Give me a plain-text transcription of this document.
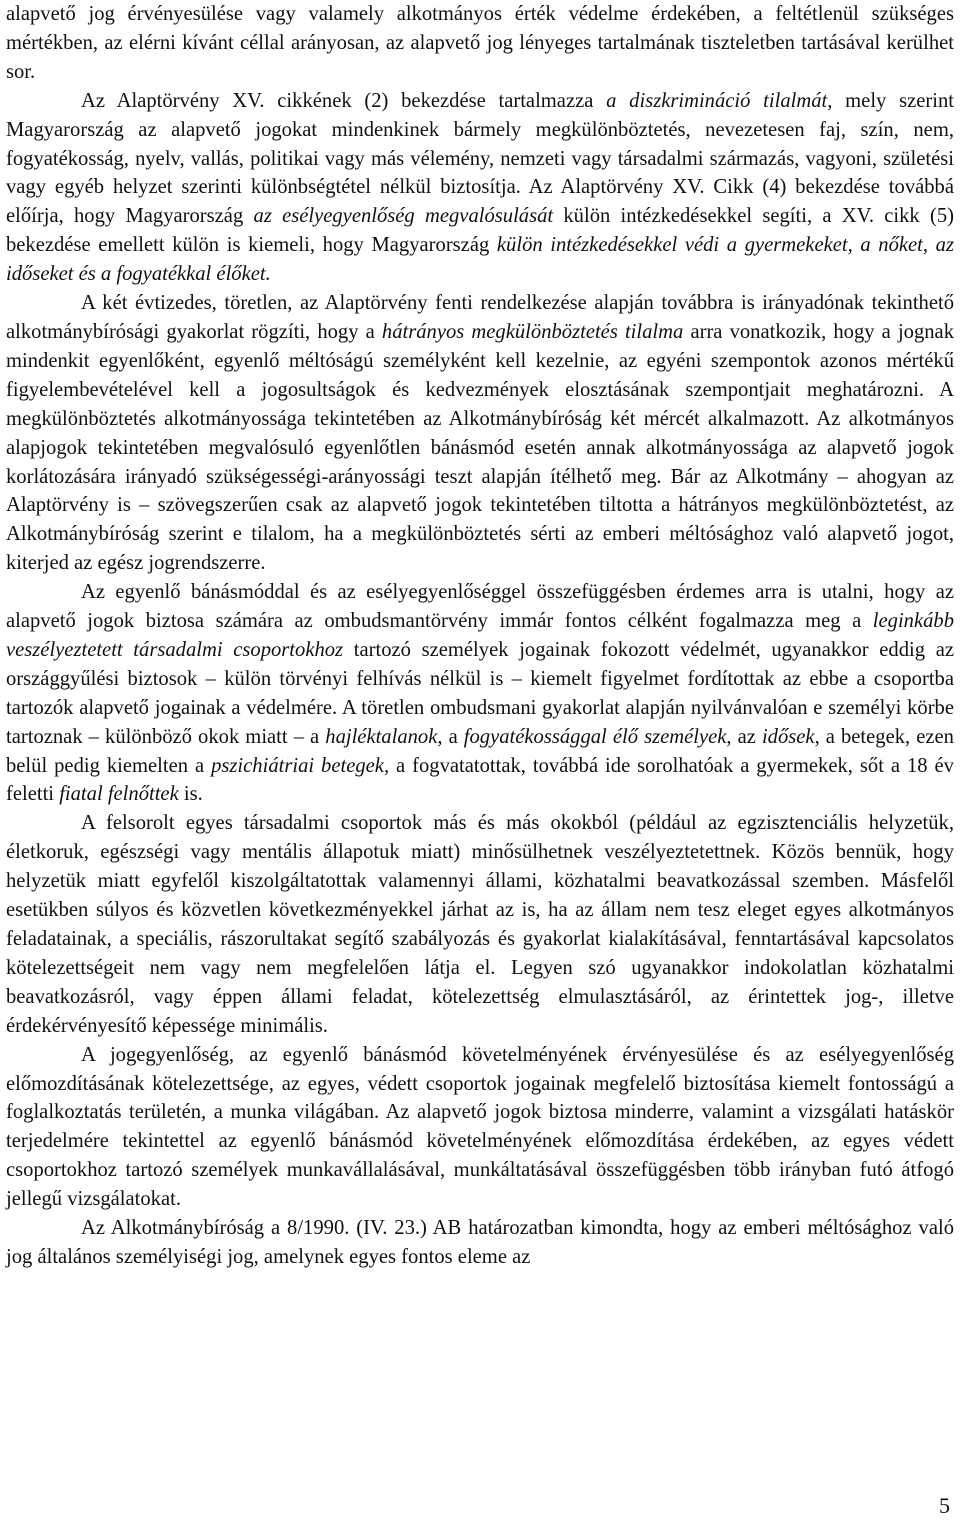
alapvető jog érvényesülése vagy valamely alkotmányos érték védelme érdekében, a feltétlenül szükséges mértékben, az elérni kívánt céllal arányosan, az alapvető jog lényeges tartalmának tiszteletben tartásával kerülhet sor.

Az Alaptörvény XV. cikkének (2) bekezdése tartalmazza a diszkrimináció tilalmát, mely szerint Magyarország az alapvető jogokat mindenkinek bármely megkülönböztetés, nevezetesen faj, szín, nem, fogyatékosság, nyelv, vallás, politikai vagy más vélemény, nemzeti vagy társadalmi származás, vagyoni, születési vagy egyéb helyzet szerinti különbségtétel nélkül biztosítja. Az Alaptörvény XV. Cikk (4) bekezdése továbbá előírja, hogy Magyarország az esélyegyenlőség megvalósulását külön intézkedésekkel segíti, a XV. cikk (5) bekezdése emellett külön is kiemeli, hogy Magyarország külön intézkedésekkel védi a gyermekeket, a nőket, az időseket és a fogyatékkal élőket.

A két évtizedes, töretlen, az Alaptörvény fenti rendelkezése alapján továbbra is irányadónak tekinthető alkotmánybírósági gyakorlat rögzíti, hogy a hátrányos megkülönböztetés tilalma arra vonatkozik, hogy a jognak mindenkit egyenlőként, egyenlő méltóságú személyként kell kezelnie, az egyéni szempontok azonos mértékű figyelembevételével kell a jogosultságok és kedvezmények elosztásának szempontjait meghatározni. A megkülönböztetés alkotmányossága tekintetében az Alkotmánybíróság két mércét alkalmazott. Az alkotmányos alapjogok tekintetében megvalósuló egyenlőtlen bánásmód esetén annak alkotmányossága az alapvető jogok korlátozására irányadó szükségességi-arányossági teszt alapján ítélhető meg. Bár az Alkotmány – ahogyan az Alaptörvény is – szövegszerűen csak az alapvető jogok tekintetében tiltotta a hátrányos megkülönböztetést, az Alkotmánybíróság szerint e tilalom, ha a megkülönböztetés sérti az emberi méltósághoz való alapvető jogot, kiterjed az egész jogrendszerre.

Az egyenlő bánásmóddal és az esélyegyenlőséggel összefüggésben érdemes arra is utalni, hogy az alapvető jogok biztosa számára az ombudsmantörvény immár fontos célként fogalmazza meg a leginkább veszélyeztetett társadalmi csoportokhoz tartozó személyek jogainak fokozott védelmét, ugyanakkor eddig az országgyűlési biztosok – külön törvényi felhívás nélkül is – kiemelt figyelmet fordítottak az ebbe a csoportba tartozók alapvető jogainak a védelmére. A töretlen ombudsmani gyakorlat alapján nyilvánvalóan e személyi körbe tartoznak – különböző okok miatt – a hajléktalanok, a fogyatékossággal élő személyek, az idősek, a betegek, ezen belül pedig kiemelten a pszichiátriai betegek, a fogvatatottak, továbbá ide sorolhatóak a gyermekek, sőt a 18 év feletti fiatal felnőttek is.

A felsorolt egyes társadalmi csoportok más és más okokból (például az egzisztenciális helyzetük, életkoruk, egészségi vagy mentális állapotuk miatt) minősülhetnek veszélyeztetettnek. Közös bennük, hogy helyzetük miatt egyfelől kiszolgáltatottak valamennyi állami, közhatalmi beavatkozással szemben. Másfelől esetükben súlyos és közvetlen következményekkel járhat az is, ha az állam nem tesz eleget egyes alkotmányos feladatainak, a speciális, rászorultakat segítő szabályozás és gyakorlat kialakításával, fenntartásával kapcsolatos kötelezettségeit nem vagy nem megfelelően látja el. Legyen szó ugyanakkor indokolatlan közhatalmi beavatkozásról, vagy éppen állami feladat, kötelezettség elmulasztásáról, az érintettek jog-, illetve érdekérvényesítő képessége minimális.

A jogegyenlőség, az egyenlő bánásmód követelményének érvényesülése és az esélyegyenlőség előmozdításának kötelezettsége, az egyes, védett csoportok jogainak megfelelő biztosítása kiemelt fontosságú a foglalkoztatás területén, a munka világában. Az alapvető jogok biztosa minderre, valamint a vizsgálati hatáskör terjedelmére tekintettel az egyenlő bánásmód követelményének előmozdítása érdekében, az egyes védett csoportokhoz tartozó személyek munkavállalásával, munkáltatásával összefüggésben több irányban futó átfogó jellegű vizsgálatokat.

Az Alkotmánybíróság a 8/1990. (IV. 23.) AB határozatban kimondta, hogy az emberi méltósághoz való jog általános személyiségi jog, amelynek egyes fontos eleme az

5
